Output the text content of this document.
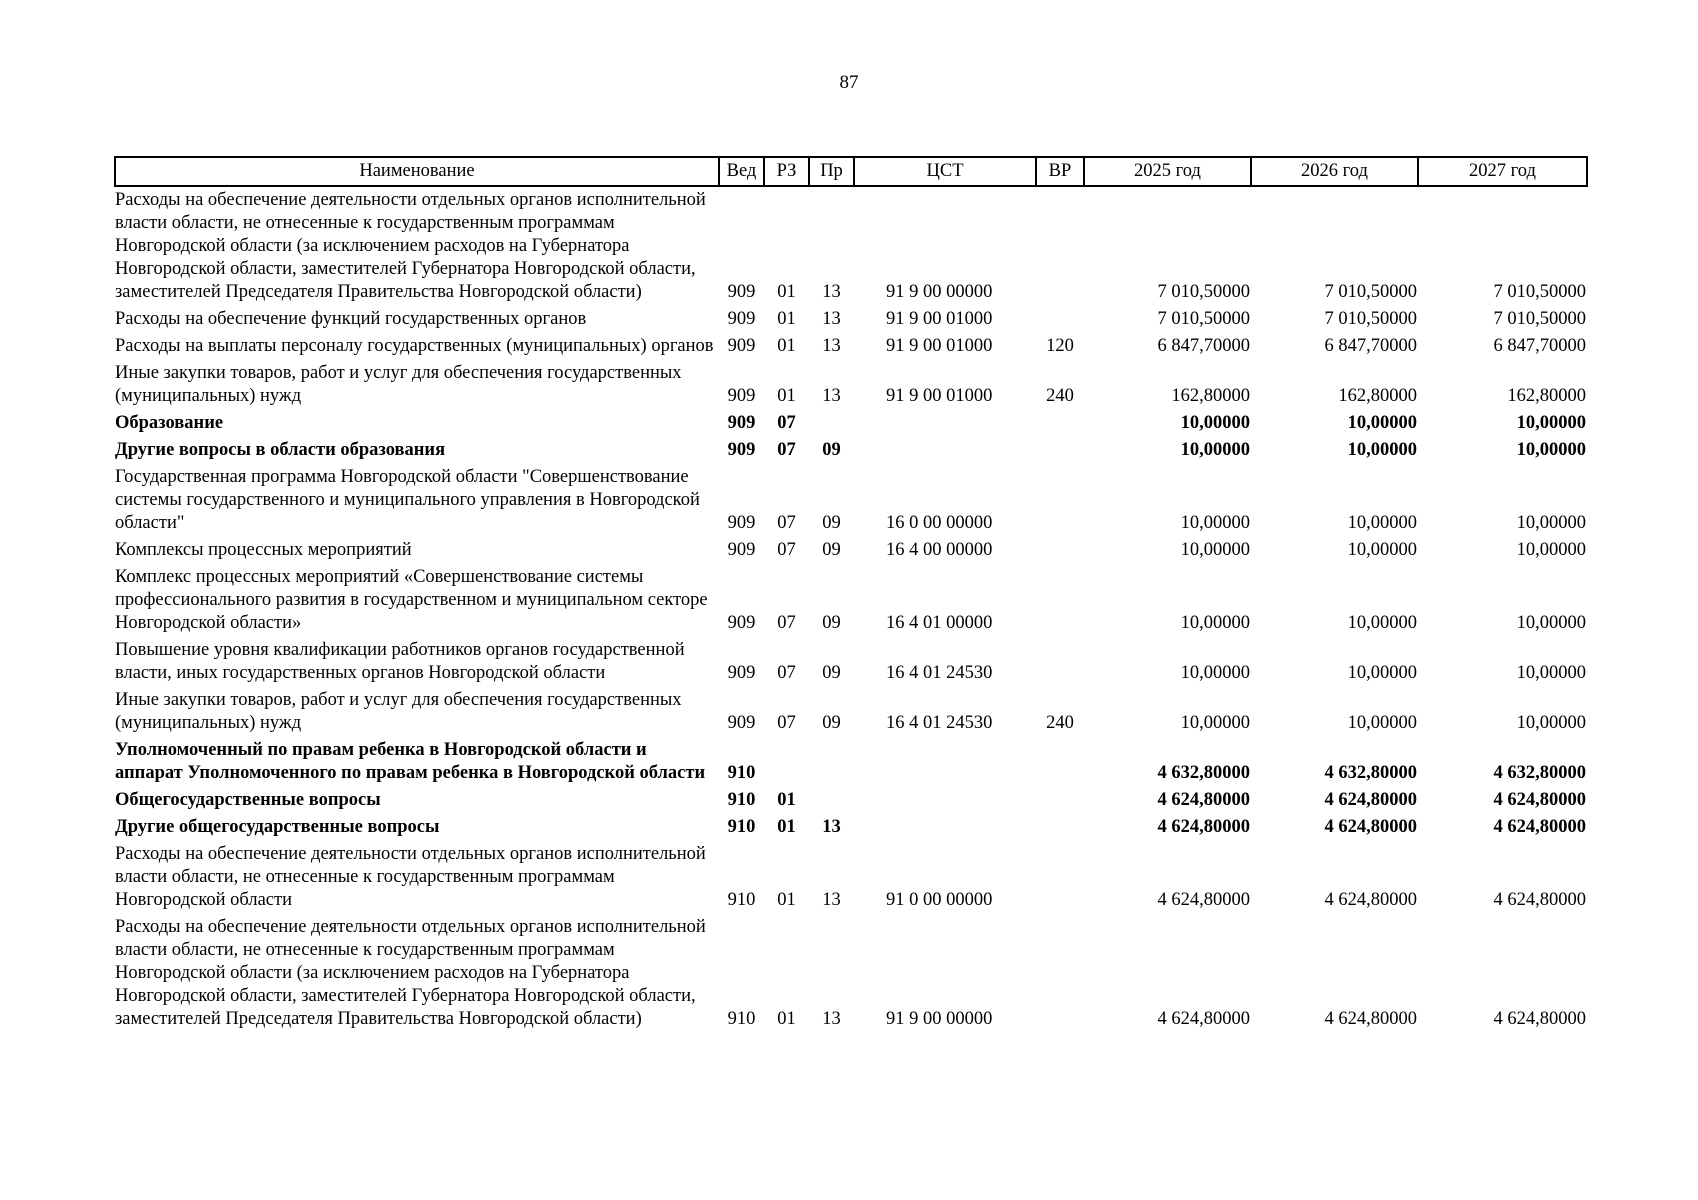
87
Наименование	Вед	РЗ	Пр	ЦСТ	ВР	2025 год	2026 год	2027 год
Расходы на обеспечение деятельности отдельных органов исполнительной власти области, не отнесенные к государственным программам Новгородской области (за исключением расходов на Губернатора Новгородской области, заместителей Губернатора Новгородской области, заместителей Председателя Правительства Новгородской области)	909	01	13	91 9 00 00000		7 010,50000	7 010,50000	7 010,50000
Расходы на обеспечение функций государственных органов	909	01	13	91 9 00 01000		7 010,50000	7 010,50000	7 010,50000
Расходы на выплаты персоналу государственных (муниципальных) органов	909	01	13	91 9 00 01000	120	6 847,70000	6 847,70000	6 847,70000
Иные закупки товаров, работ и услуг для обеспечения государственных (муниципальных) нужд	909	01	13	91 9 00 01000	240	162,80000	162,80000	162,80000
Образование	909	07				10,00000	10,00000	10,00000
Другие вопросы в области образования	909	07	09			10,00000	10,00000	10,00000
Государственная программа Новгородской области "Совершенствование системы государственного и муниципального управления в Новгородской области"	909	07	09	16 0 00 00000		10,00000	10,00000	10,00000
Комплексы процессных мероприятий	909	07	09	16 4 00 00000		10,00000	10,00000	10,00000
Комплекс процессных мероприятий «Совершенствование системы профессионального развития в государственном и муниципальном секторе Новгородской области»	909	07	09	16 4 01 00000		10,00000	10,00000	10,00000
Повышение уровня квалификации работников органов государственной власти, иных государственных органов Новгородской области	909	07	09	16 4 01 24530		10,00000	10,00000	10,00000
Иные закупки товаров, работ и услуг для обеспечения государственных (муниципальных) нужд	909	07	09	16 4 01 24530	240	10,00000	10,00000	10,00000
Уполномоченный по правам ребенка в Новгородской области и аппарат Уполномоченного по правам ребенка в Новгородской области	910					4 632,80000	4 632,80000	4 632,80000
Общегосударственные вопросы	910	01				4 624,80000	4 624,80000	4 624,80000
Другие общегосударственные вопросы	910	01	13			4 624,80000	4 624,80000	4 624,80000
Расходы на обеспечение деятельности отдельных органов исполнительной власти области, не отнесенные к государственным программам Новгородской области	910	01	13	91 0 00 00000		4 624,80000	4 624,80000	4 624,80000
Расходы на обеспечение деятельности отдельных органов исполнительной власти области, не отнесенные к государственным программам Новгородской области (за исключением расходов на Губернатора Новгородской области, заместителей Губернатора Новгородской области, заместителей Председателя Правительства Новгородской области)	910	01	13	91 9 00 00000		4 624,80000	4 624,80000	4 624,80000
